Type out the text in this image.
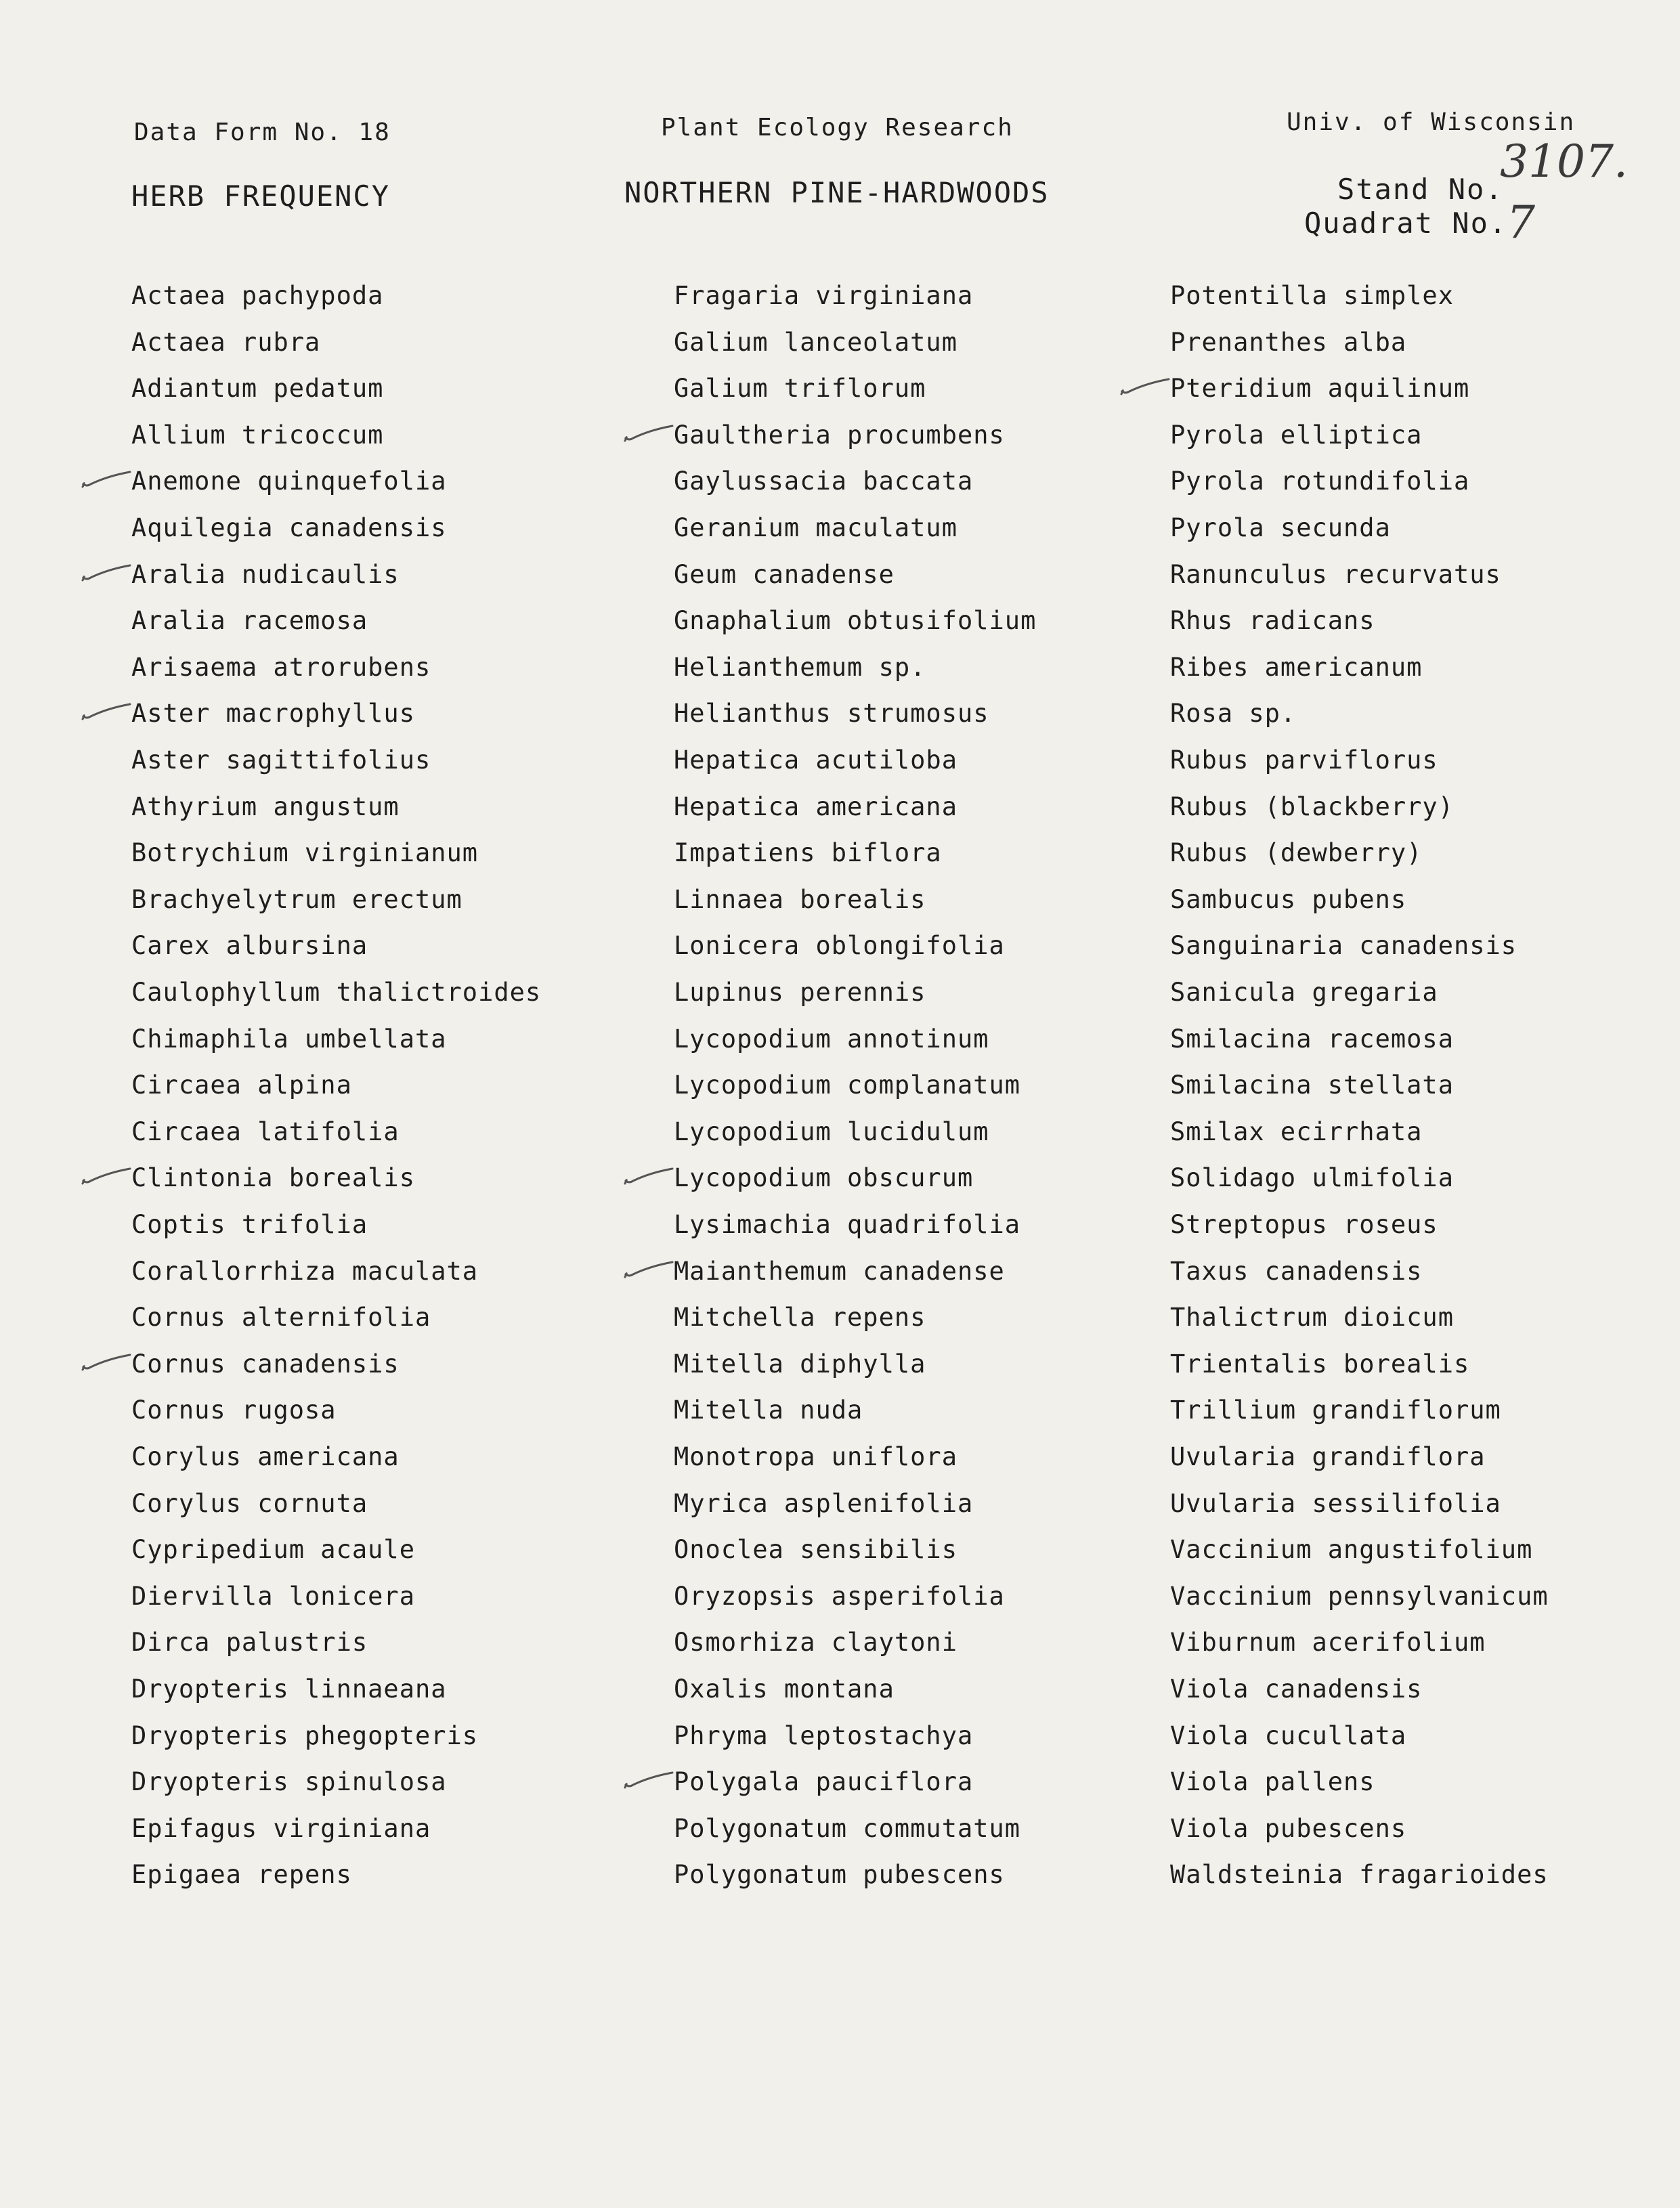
Data Form No. 18	Plant Ecology Research	Univ. of Wisconsin
HERB FREQUENCY	NORTHERN PINE-HARDWOODS	Stand No.
3107.
Quadrat No.
7
Actaea pachypoda
Actaea rubra
Adiantum pedatum
Allium tricoccum
Anemone quinquefolia
Aquilegia canadensis
Aralia nudicaulis
Aralia racemosa
Arisaema atrorubens
Aster macrophyllus
Aster sagittifolius
Athyrium angustum
Botrychium virginianum
Brachyelytrum erectum
Carex albursina
Caulophyllum thalictroides
Chimaphila umbellata
Circaea alpina
Circaea latifolia
Clintonia borealis
Coptis trifolia
Corallorrhiza maculata
Cornus alternifolia
Cornus canadensis
Cornus rugosa
Corylus americana
Corylus cornuta
Cypripedium acaule
Diervilla lonicera
Dirca palustris
Dryopteris linnaeana
Dryopteris phegopteris
Dryopteris spinulosa
Epifagus virginiana
Epigaea repens
Fragaria virginiana
Galium lanceolatum
Galium triflorum
Gaultheria procumbens
Gaylussacia baccata
Geranium maculatum
Geum canadense
Gnaphalium obtusifolium
Helianthemum sp.
Helianthus strumosus
Hepatica acutiloba
Hepatica americana
Impatiens biflora
Linnaea borealis
Lonicera oblongifolia
Lupinus perennis
Lycopodium annotinum
Lycopodium complanatum
Lycopodium lucidulum
Lycopodium obscurum
Lysimachia quadrifolia
Maianthemum canadense
Mitchella repens
Mitella diphylla
Mitella nuda
Monotropa uniflora
Myrica asplenifolia
Onoclea sensibilis
Oryzopsis asperifolia
Osmorhiza claytoni
Oxalis montana
Phryma leptostachya
Polygala pauciflora
Polygonatum commutatum
Polygonatum pubescens
Potentilla simplex
Prenanthes alba
Pteridium aquilinum
Pyrola elliptica
Pyrola rotundifolia
Pyrola secunda
Ranunculus recurvatus
Rhus radicans
Ribes americanum
Rosa sp.
Rubus parviflorus
Rubus (blackberry)
Rubus (dewberry)
Sambucus pubens
Sanguinaria canadensis
Sanicula gregaria
Smilacina racemosa
Smilacina stellata
Smilax ecirrhata
Solidago ulmifolia
Streptopus roseus
Taxus canadensis
Thalictrum dioicum
Trientalis borealis
Trillium grandiflorum
Uvularia grandiflora
Uvularia sessilifolia
Vaccinium angustifolium
Vaccinium pennsylvanicum
Viburnum acerifolium
Viola canadensis
Viola cucullata
Viola pallens
Viola pubescens
Waldsteinia fragarioides
